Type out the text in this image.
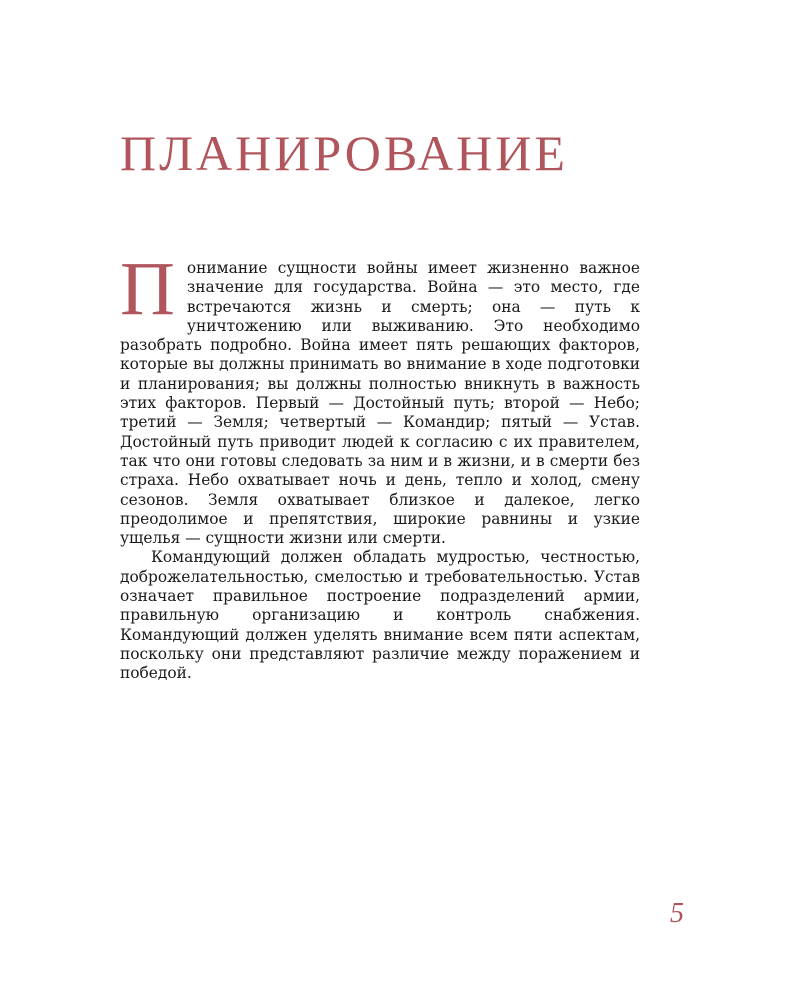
ПЛАНИРОВАНИЕ

Понимание сущности войны имеет жизненно важное значение для государства. Война — это место, где встречаются жизнь и смерть; она — путь к уничтожению или выживанию. Это необходимо разобрать подробно. Война имеет пять решающих факторов, которые вы должны принимать во внимание в ходе подготовки и планирования; вы должны полностью вникнуть в важность этих факторов. Первый — Достойный путь; второй — Небо; третий — Земля; четвертый — Командир; пятый — Устав. Достойный путь приводит людей к согласию с их правителем, так что они готовы следовать за ним и в жизни, и в смерти без страха. Небо охватывает ночь и день, тепло и холод, смену сезонов. Земля охватывает близкое и далекое, легко преодолимое и препятствия, широкие равнины и узкие ущелья — сущности жизни или смерти.

Командующий должен обладать мудростью, честностью, доброжелательностью, смелостью и требовательностью. Устав означает правильное построение подразделений армии, правильную организацию и контроль снабжения. Командующий должен уделять внимание всем пяти аспектам, поскольку они представляют различие между поражением и победой.

5
